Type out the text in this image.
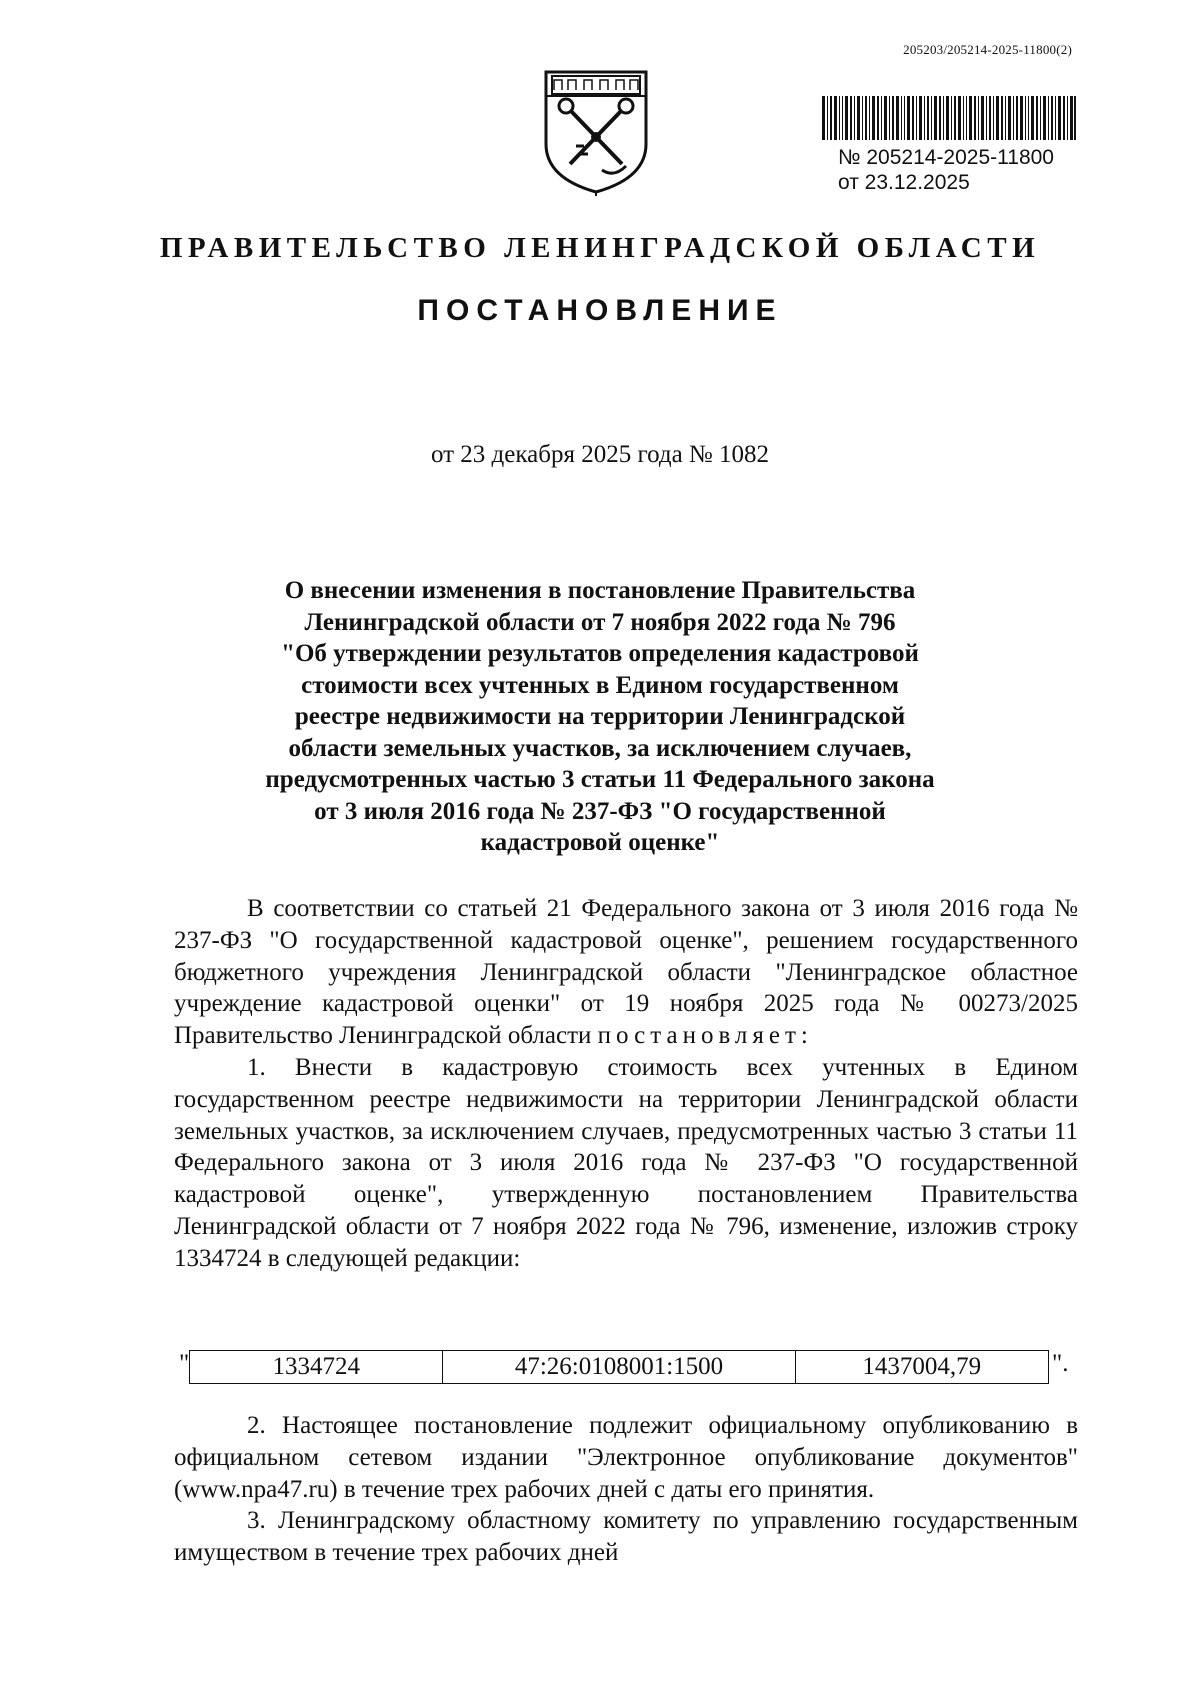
205203/205214-2025-11800(2)
№ 205214-2025-11800
от 23.12.2025
ПРАВИТЕЛЬСТВО ЛЕНИНГРАДСКОЙ ОБЛАСТИ
ПОСТАНОВЛЕНИЕ
от 23 декабря 2025 года № 1082
О внесении изменения в постановление Правительства
Ленинградской области от 7 ноября 2022 года № 796
"Об утверждении результатов определения кадастровой
стоимости всех учтенных в Едином государственном
реестре недвижимости на территории Ленинградской
области земельных участков, за исключением случаев,
предусмотренных частью 3 статьи 11 Федерального закона
от 3 июля 2016 года № 237-ФЗ "О государственной
кадастровой оценке"

В соответствии со статьей 21 Федерального закона от 3 июля 2016 года № 237-ФЗ "О государственной кадастровой оценке", решением государственного бюджетного учреждения Ленинградской области "Ленинградское областное учреждение кадастровой оценки" от 19 ноября 2025 года № 00273/2025 Правительство Ленинградской области постановляет:

1. Внести в кадастровую стоимость всех учтенных в Едином государственном реестре недвижимости на территории Ленинградской области земельных участков, за исключением случаев, предусмотренных частью 3 статьи 11 Федерального закона от 3 июля 2016 года № 237-ФЗ "О государственной кадастровой оценке", утвержденную постановлением Правительства Ленинградской области от 7 ноября 2022 года № 796, изменение, изложив строку 1334724 в следующей редакции:

"	1334724	47:26:0108001:1500	1437004,79	".

2. Настоящее постановление подлежит официальному опубликованию в официальном сетевом издании "Электронное опубликование документов" (www.npa47.ru) в течение трех рабочих дней с даты его принятия.

3. Ленинградскому областному комитету по управлению государственным имуществом в течение трех рабочих дней
